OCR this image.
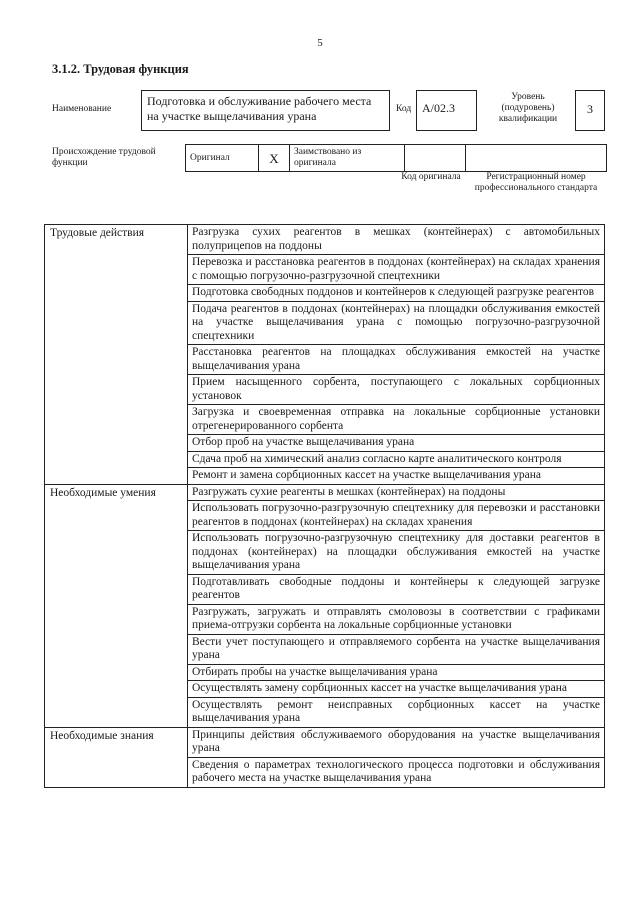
5
3.1.2. Трудовая функция
Наименование
Подготовка и обслуживание рабочего места на участке выщелачивания урана	Код А/02.3
Уровень (подуровень) квалификации
3
Происхождение трудовой функции
Оригинал	X	Заимствовано из оригинала		
Код оригинала	Регистрационный номер профессионального стандарта
Трудовые действия	Разгрузка сухих реагентов в мешках (контейнерах) с автомобильных полуприцепов на поддоны
	Перевозка и расстановка реагентов в поддонах (контейнерах) на складах хранения с помощью погрузочно-разгрузочной спецтехники
	Подготовка свободных поддонов и контейнеров к следующей разгрузке реагентов
	Подача реагентов в поддонах (контейнерах) на площадки обслуживания емкостей на участке выщелачивания урана с помощью погрузочно-разгрузочной спецтехники
	Расстановка реагентов на площадках обслуживания емкостей на участке выщелачивания урана
	Прием насыщенного сорбента, поступающего с локальных сорбционных установок
	Загрузка и своевременная отправка на локальные сорбционные установки отрегенерированного сорбента
	Отбор проб на участке выщелачивания урана
	Сдача проб на химический анализ согласно карте аналитического контроля
	Ремонт и замена сорбционных кассет на участке выщелачивания урана
Необходимые умения	Разгружать сухие реагенты в мешках (контейнерах) на поддоны
	Использовать погрузочно-разгрузочную спецтехнику для перевозки и расстановки реагентов в поддонах (контейнерах) на складах хранения
	Использовать погрузочно-разгрузочную спецтехнику для доставки реагентов в поддонах (контейнерах) на площадки обслуживания емкостей на участке выщелачивания урана
	Подготавливать свободные поддоны и контейнеры к следующей загрузке реагентов
	Разгружать, загружать и отправлять смоловозы в соответствии с графиками приема-отгрузки сорбента на локальные сорбционные установки
	Вести учет поступающего и отправляемого сорбента на участке выщелачивания урана
	Отбирать пробы на участке выщелачивания урана
	Осуществлять замену сорбционных кассет на участке выщелачивания урана
	Осуществлять ремонт неисправных сорбционных кассет на участке выщелачивания урана
Необходимые знания	Принципы действия обслуживаемого оборудования на участке выщелачивания урана
	Сведения о параметрах технологического процесса подготовки и обслуживания рабочего места на участке выщелачивания урана
